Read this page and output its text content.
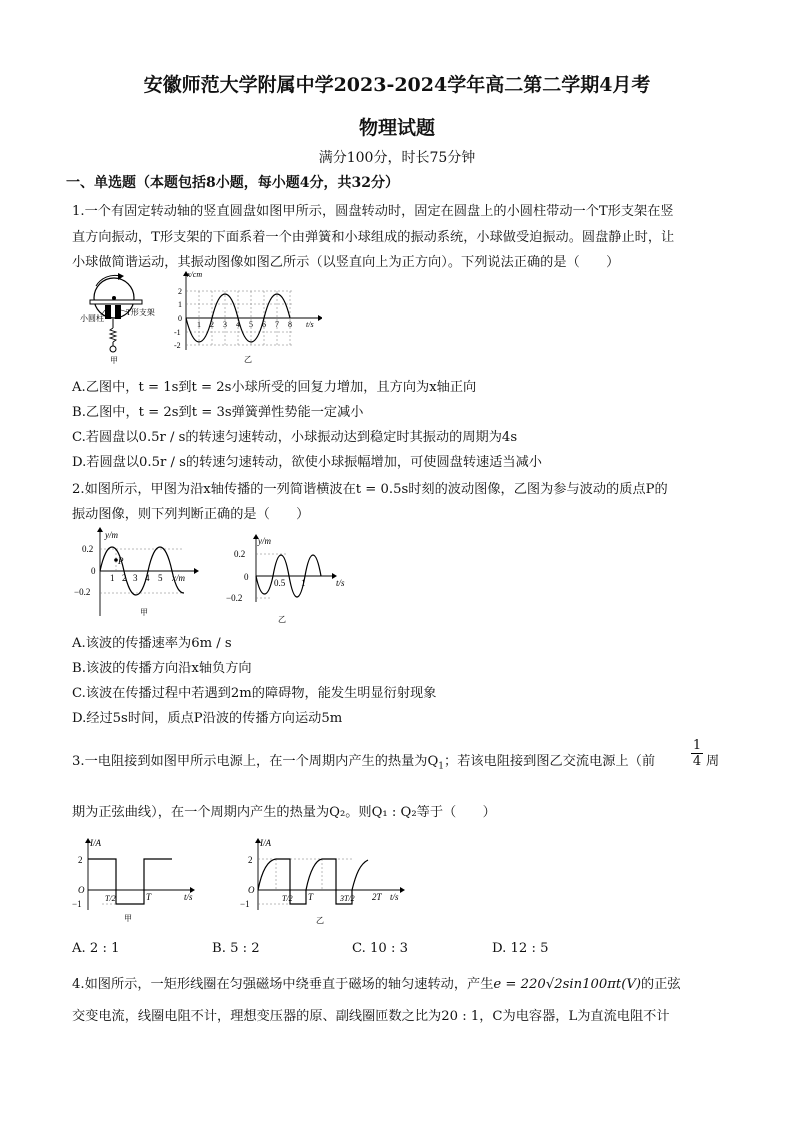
安徽师范大学附属中学2023-2024学年高二第二学期4月考
物理试题
满分100分，时长75分钟
一、单选题（本题包括8小题，每小题4分，共32分）
1.一个有固定转动轴的竖直圆盘如图甲所示，圆盘转动时，固定在圆盘上的小圆柱带动一个T形支架在竖
直方向振动，T形支架的下面系着一个由弹簧和小球组成的振动系统，小球做受迫振动。圆盘静止时，让
小球做简谐运动，其振动图像如图乙所示（以竖直向上为正方向）。下列说法正确的是（　　）
小圆柱
T形支架
甲
x/cm
2
1
0
-1
-2
1 2 3 4 5 6 7 8 t/s
乙
A.乙图中，t = 1s到t = 2s小球所受的回复力增加，且方向为x轴正向
B.乙图中，t = 2s到t = 3s弹簧弹性势能一定减小
C.若圆盘以0.5r / s的转速匀速转动，小球振动达到稳定时其振动的周期为4s
D.若圆盘以0.5r / s的转速匀速转动，欲使小球振幅增加，可使圆盘转速适当减小
2.如图所示，甲图为沿x轴传播的一列简谐横波在t = 0.5s时刻的波动图像，乙图为参与波动的质点P的
振动图像，则下列判断正确的是（　　）
y/m
0.2
0
−0.2
P
1 2 3 4 5 x/m
甲
y/m
0.2
0
−0.2
0.5 1	t/s
乙
A.该波的传播速率为6m / s
B.该波的传播方向沿x轴负方向
C.该波在传播过程中若遇到2m的障碍物，能发生明显衍射现象
D.经过5s时间，质点P沿波的传播方向运动5m
3.一电阻接到如图甲所示电源上，在一个周期内产生的热量为$Q_1$；若该电阻接到图乙交流电源上（前	$\frac{1}{4}$ 周
期为正弦曲线），在一个周期内产生的热量为Q₂。则Q₁ : Q₂等于（　　）
I/A
2
O
−1
T/2	T	t/s
甲
I/A
2
O
−1
T/2 T	3T/2 2T t/s
乙
A. 2 : 1	B. 5 : 2	C. 10 : 3	D. 12 : 5
4.如图所示，一矩形线圈在匀强磁场中绕垂直于磁场的轴匀速转动，产生e = 220√2sin100πt(V)的正弦
交变电流，线圈电阻不计，理想变压器的原、副线圈匝数之比为20 : 1，C为电容器，L为直流电阻不计
